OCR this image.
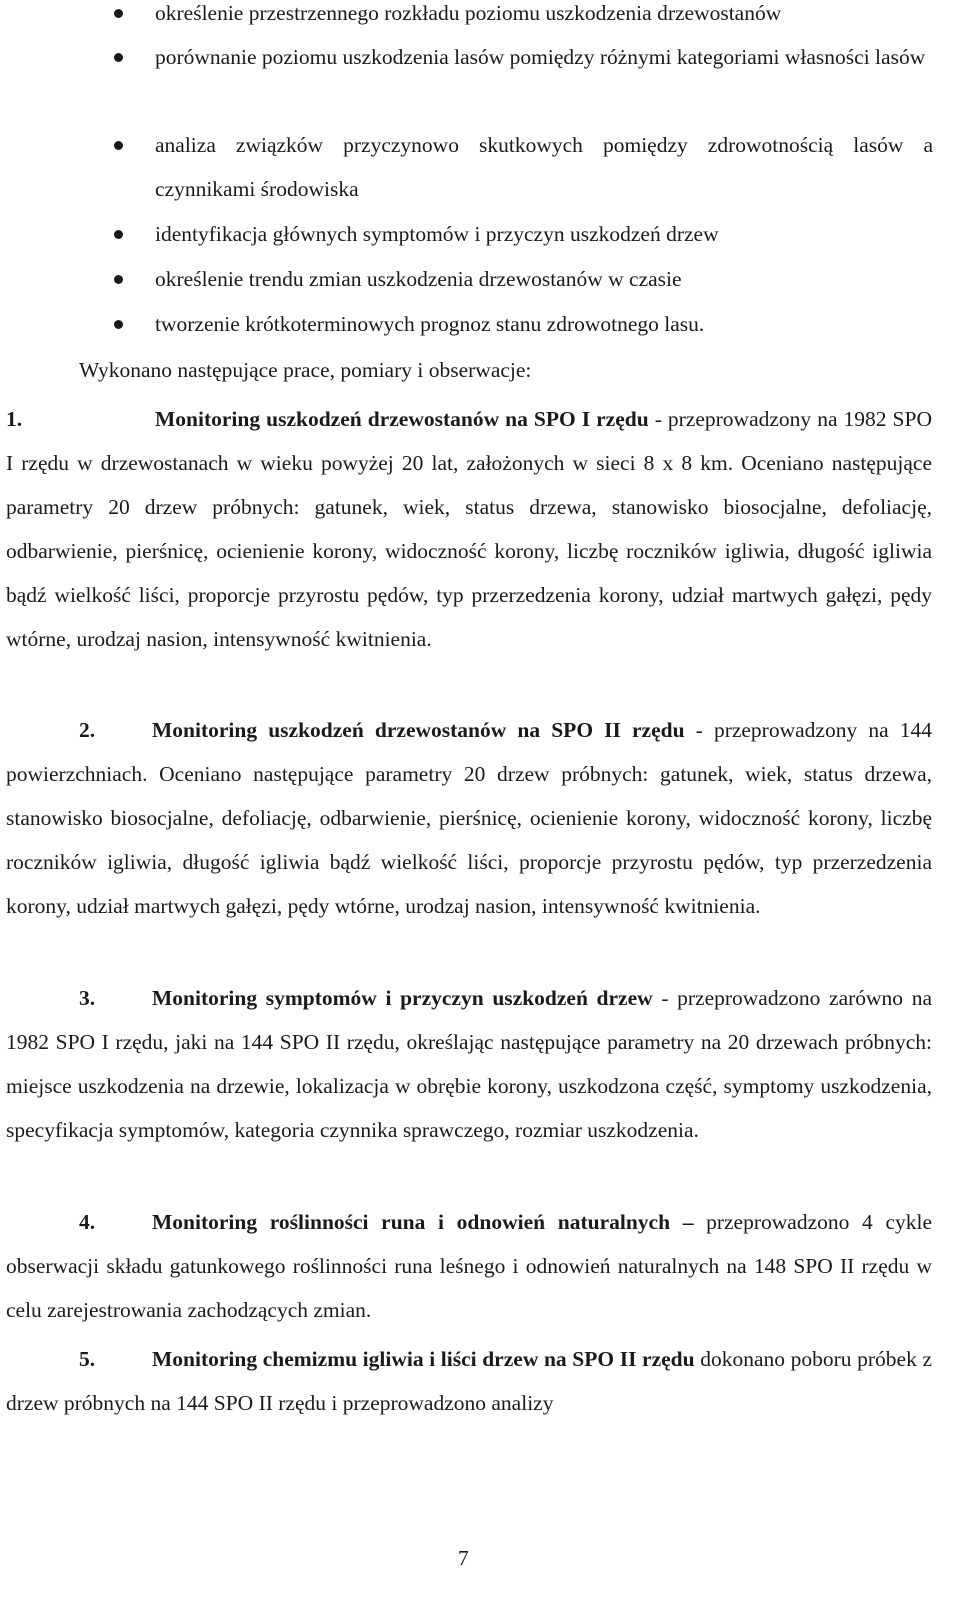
określenie przestrzennego rozkładu poziomu uszkodzenia drzewostanów
porównanie poziomu uszkodzenia lasów pomiędzy różnymi kategoriami własności lasów
analiza związków przyczynowo skutkowych pomiędzy zdrowotnością lasów a czynnikami środowiska
identyfikacja głównych symptomów i przyczyn uszkodzeń drzew
określenie trendu zmian uszkodzenia drzewostanów w czasie
tworzenie krótkoterminowych prognoz stanu zdrowotnego lasu.
Wykonano następujące prace, pomiary i obserwacje:
1.	Monitoring uszkodzeń drzewostanów na SPO I rzędu - przeprowadzony na 1982 SPO I rzędu w drzewostanach w wieku powyżej 20 lat, założonych w sieci 8 x 8 km. Oceniano następujące parametry 20 drzew próbnych: gatunek, wiek, status drzewa, stanowisko biosocjalne, defoliację, odbarwienie, pierśnicę, ocienienie korony, widoczność korony, liczbę roczników igliwia, długość igliwia bądź wielkość liści, proporcje przyrostu pędów, typ przerzedzenia korony, udział martwych gałęzi, pędy wtórne, urodzaj nasion, intensywność kwitnienia.
2.	Monitoring uszkodzeń drzewostanów na SPO II rzędu - przeprowadzony na 144 powierzchniach. Oceniano następujące parametry 20 drzew próbnych: gatunek, wiek, status drzewa, stanowisko biosocjalne, defoliację, odbarwienie, pierśnicę, ocienienie korony, widoczność korony, liczbę roczników igliwia, długość igliwia bądź wielkość liści, proporcje przyrostu pędów, typ przerzedzenia korony, udział martwych gałęzi, pędy wtórne, urodzaj nasion, intensywność kwitnienia.
3.	Monitoring symptomów i przyczyn uszkodzeń drzew - przeprowadzono zarówno na 1982 SPO I rzędu, jaki na 144 SPO II rzędu, określając następujące parametry na 20 drzewach próbnych: miejsce uszkodzenia na drzewie, lokalizacja w obrębie korony, uszkodzona część, symptomy uszkodzenia, specyfikacja symptomów, kategoria czynnika sprawczego, rozmiar uszkodzenia.
4.	Monitoring roślinności runa i odnowień naturalnych – przeprowadzono 4 cykle obserwacji składu gatunkowego roślinności runa leśnego i odnowień naturalnych na 148 SPO II rzędu w celu zarejestrowania zachodzących zmian.
5.	Monitoring chemizmu igliwia i liści drzew na SPO II rzędu dokonano poboru próbek z drzew próbnych na 144 SPO II rzędu i przeprowadzono analizy
7
